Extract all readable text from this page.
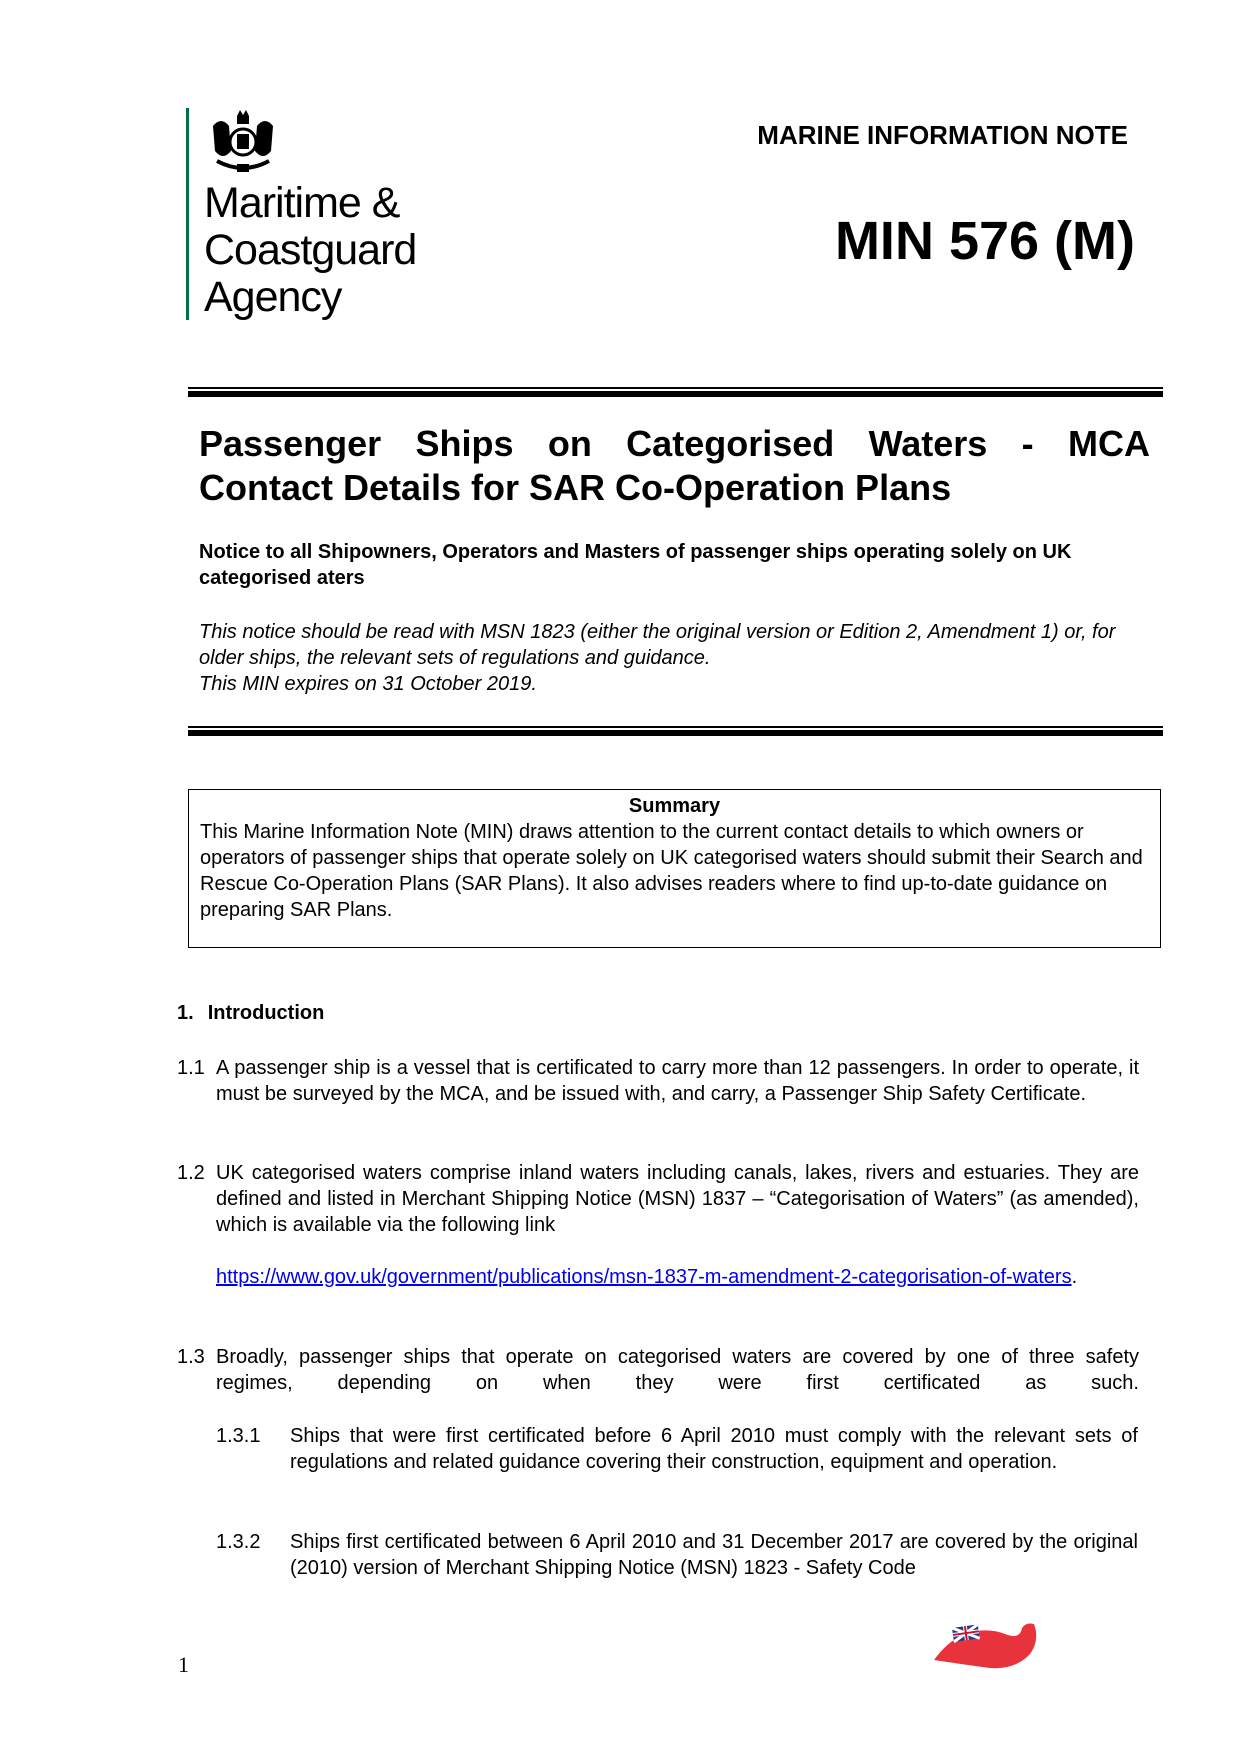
Maritime &
Coastguard
Agency
MARINE INFORMATION NOTE
MIN 576 (M)
Passenger Ships on Categorised Waters - MCA
Contact Details for SAR Co-Operation Plans
Notice to all Shipowners, Operators and Masters of passenger ships operating solely on UK categorised aters
This notice should be read with MSN 1823 (either the original version or Edition 2, Amendment 1) or, for older ships, the relevant sets of regulations and guidance.
This MIN expires on 31 October 2019.
Summary

This Marine Information Note (MIN) draws attention to the current contact details to which owners or operators of passenger ships that operate solely on UK categorised waters should submit their Search and Rescue Co-Operation Plans (SAR Plans). It also advises readers where to find up-to-date guidance on preparing SAR Plans.

1. Introduction
1.1 A passenger ship is a vessel that is certificated to carry more than 12 passengers. In order to operate, it must be surveyed by the MCA, and be issued with, and carry, a Passenger Ship Safety Certificate.
1.2 UK categorised waters comprise inland waters including canals, lakes, rivers and estuaries. They are defined and listed in Merchant Shipping Notice (MSN) 1837 – “Categorisation of Waters” (as amended), which is available via the following link
https://www.gov.uk/government/publications/msn-1837-m-amendment-2-categorisation-of-waters.
1.3 Broadly, passenger ships that operate on categorised waters are covered by one of three safety regimes, depending on when they were first certificated as such.
1.3.1 Ships that were first certificated before 6 April 2010 must comply with the relevant sets of regulations and related guidance covering their construction, equipment and operation.
1.3.2 Ships first certificated between 6 April 2010 and 31 December 2017 are covered by the original (2010) version of Merchant Shipping Notice (MSN) 1823 - Safety Code
1
